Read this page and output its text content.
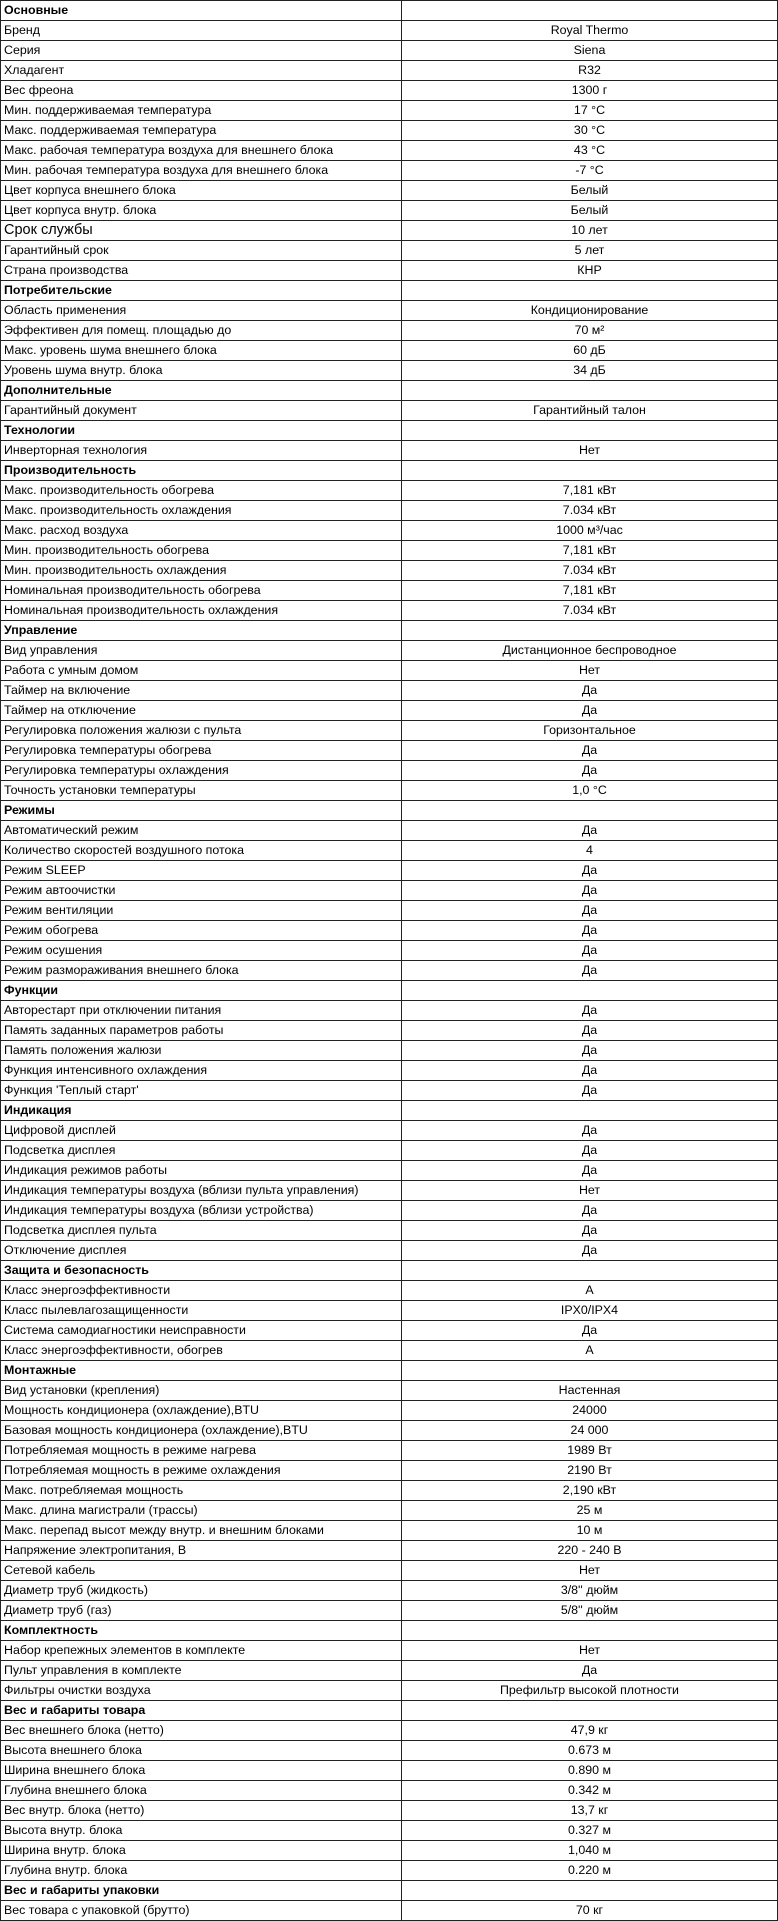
Основные	
Бренд	Royal Thermo
Серия	Siena
Хладагент	R32
Вес фреона	1300 г
Мин. поддерживаемая температура	17 °C
Макс. поддерживаемая температура	30 °C
Макс. рабочая температура воздуха для внешнего блока	43 °C
Мин. рабочая температура воздуха для внешнего блока	-7 °C
Цвет корпуса внешнего блока	Белый
Цвет корпуса внутр. блока	Белый
Срок службы	10 лет
Гарантийный срок	5 лет
Страна производства	КНР
Потребительские	
Область применения	Кондиционирование
Эффективен для помещ. площадью до	70 м²
Макс. уровень шума внешнего блока	60 дБ
Уровень шума внутр. блока	34 дБ
Дополнительные	
Гарантийный документ	Гарантийный талон
Технологии	
Инверторная технология	Нет
Производительность	
Макс. производительность обогрева	7,181 кВт
Макс. производительность охлаждения	7.034 кВт
Макс. расход воздуха	1000 м³/час
Мин. производительность обогрева	7,181 кВт
Мин. производительность охлаждения	7.034 кВт
Номинальная производительность обогрева	7,181 кВт
Номинальная производительность охлаждения	7.034 кВт
Управление	
Вид управления	Дистанционное беспроводное
Работа с умным домом	Нет
Таймер на включение	Да
Таймер на отключение	Да
Регулировка положения жалюзи с пульта	Горизонтальное
Регулировка температуры обогрева	Да
Регулировка температуры охлаждения	Да
Точность установки температуры	1,0 °C
Режимы	
Автоматический режим	Да
Количество скоростей воздушного потока	4
Режим SLEEP	Да
Режим автоочистки	Да
Режим вентиляции	Да
Режим обогрева	Да
Режим осушения	Да
Режим размораживания внешнего блока	Да
Функции	
Авторестарт при отключении питания	Да
Память заданных параметров работы	Да
Память положения жалюзи	Да
Функция интенсивного охлаждения	Да
Функция 'Теплый старт'	Да
Индикация	
Цифровой дисплей	Да
Подсветка дисплея	Да
Индикация режимов работы	Да
Индикация температуры воздуха (вблизи пульта управления)	Нет
Индикация температуры воздуха (вблизи устройства)	Да
Подсветка дисплея пульта	Да
Отключение дисплея	Да
Защита и безопасность	
Класс энергоэффективности	A
Класс пылевлагозащищенности	IPX0/IPX4
Система самодиагностики неисправности	Да
Класс энергоэффективности, обогрев	A
Монтажные	
Вид установки (крепления)	Настенная
Мощность кондиционера (охлаждение),BTU	24000
Базовая мощность кондиционера (охлаждение),BTU	24 000
Потребляемая мощность в режиме нагрева	1989 Вт
Потребляемая мощность в режиме охлаждения	2190 Вт
Макс. потребляемая мощность	2,190 кВт
Макс. длина магистрали (трассы)	25 м
Макс. перепад высот между внутр. и внешним блоками	10 м
Напряжение электропитания, В	220 - 240 В
Сетевой кабель	Нет
Диаметр труб (жидкость)	3/8'' дюйм
Диаметр труб (газ)	5/8'' дюйм
Комплектность	
Набор крепежных элементов в комплекте	Нет
Пульт управления в комплекте	Да
Фильтры очистки воздуха	Префильтр высокой плотности
Вес и габариты товара	
Вес внешнего блока (нетто)	47,9 кг
Высота внешнего блока	0.673 м
Ширина внешнего блока	0.890 м
Глубина внешнего блока	0.342 м
Вес внутр. блока (нетто)	13,7 кг
Высота внутр. блока	0.327 м
Ширина внутр. блока	1,040 м
Глубина внутр. блока	0.220 м
Вес и габариты упаковки	
Вес товара с упаковкой (брутто)	70 кг
